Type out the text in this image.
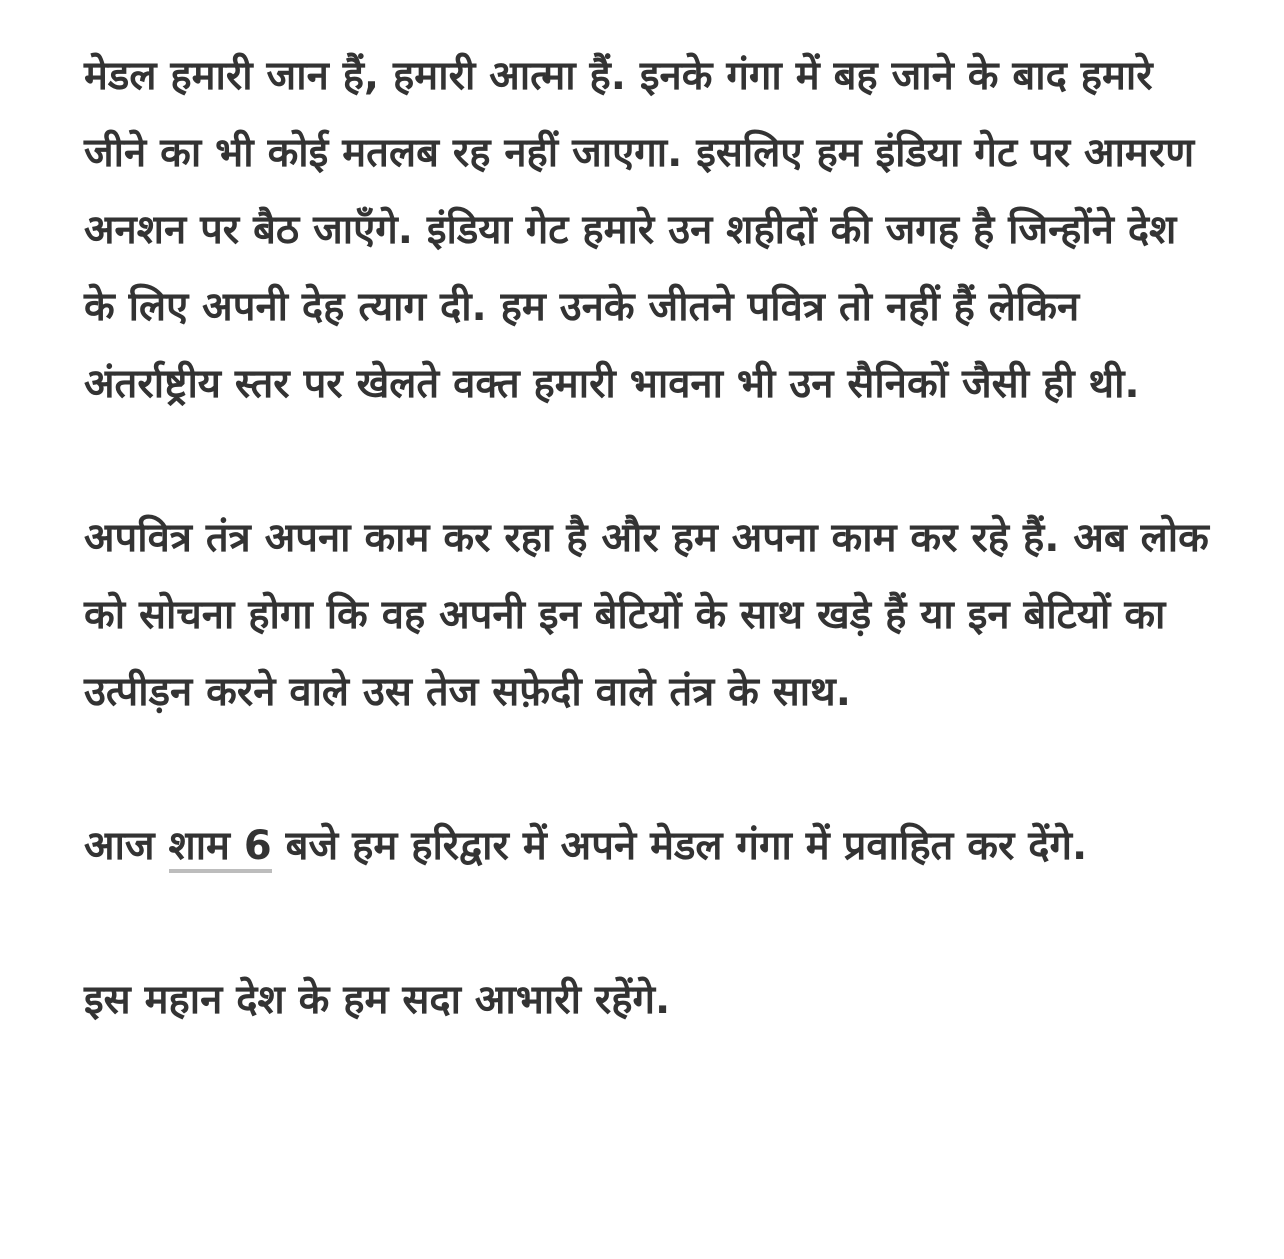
मेडल हमारी जान हैं, हमारी आत्मा हैं. इनके गंगा में बह जाने के बाद हमारे जीने का भी कोई मतलब रह नहीं जाएगा. इसलिए हम इंडिया गेट पर आमरण अनशन पर बैठ जाएँगे. इंडिया गेट हमारे उन शहीदों की जगह है जिन्होंने देश के लिए अपनी देह त्याग दी. हम उनके जीतने पवित्र तो नहीं हैं लेकिन अंतर्राष्ट्रीय स्तर पर खेलते वक्त हमारी भावना भी उन सैनिकों जैसी ही थी.

अपवित्र तंत्र अपना काम कर रहा है और हम अपना काम कर रहे हैं. अब लोक को सोचना होगा कि वह अपनी इन बेटियों के साथ खड़े हैं या इन बेटियों का उत्पीड़न करने वाले उस तेज सफ़ेदी वाले तंत्र के साथ.

आज शाम 6 बजे हम हरिद्वार में अपने मेडल गंगा में प्रवाहित कर देंगे.

इस महान देश के हम सदा आभारी रहेंगे.
